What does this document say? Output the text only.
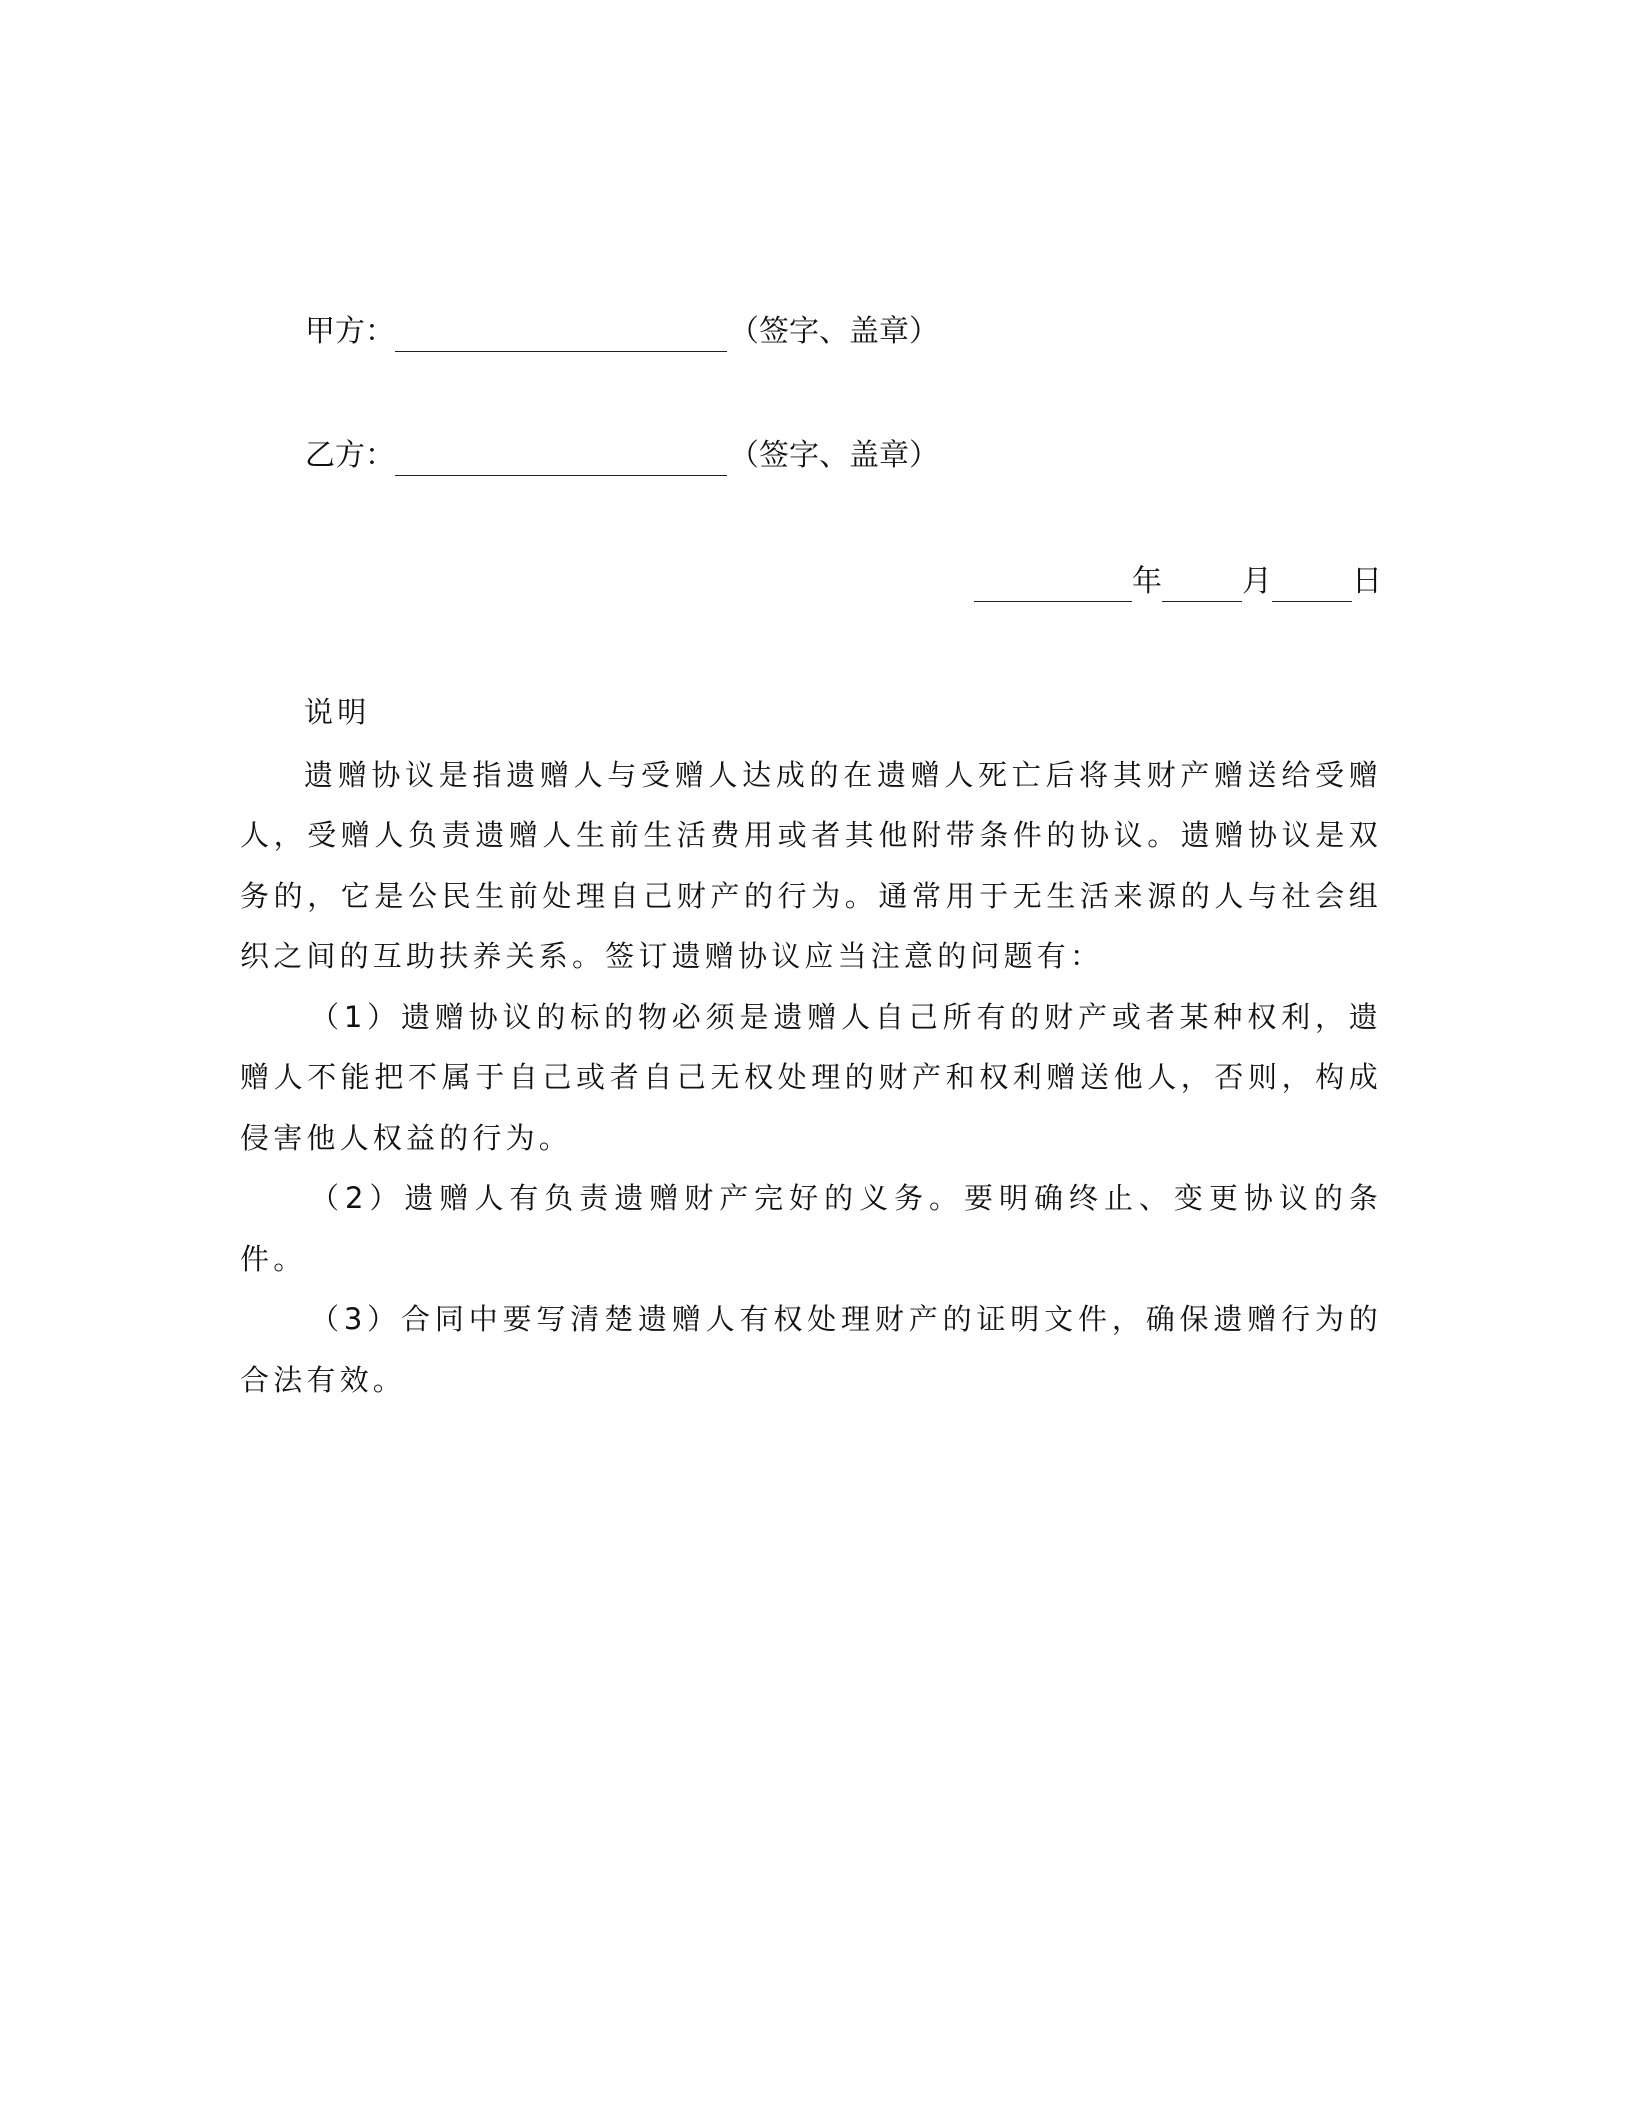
甲方：	（签字、盖章）
乙方：	（签字、盖章）
年	月	日

说明

遗赠协议是指遗赠人与受赠人达成的在遗赠人死亡后将其财产赠送给受赠人，受赠人负责遗赠人生前生活费用或者其他附带条件的协议。遗赠协议是双务的，它是公民生前处理自己财产的行为。通常用于无生活来源的人与社会组织之间的互助扶养关系。签订遗赠协议应当注意的问题有：

（1）遗赠协议的标的物必须是遗赠人自己所有的财产或者某种权利，遗赠人不能把不属于自己或者自己无权处理的财产和权利赠送他人，否则，构成侵害他人权益的行为。

（2）遗赠人有负责遗赠财产完好的义务。要明确终止、变更协议的条件。

（3）合同中要写清楚遗赠人有权处理财产的证明文件，确保遗赠行为的合法有效。
